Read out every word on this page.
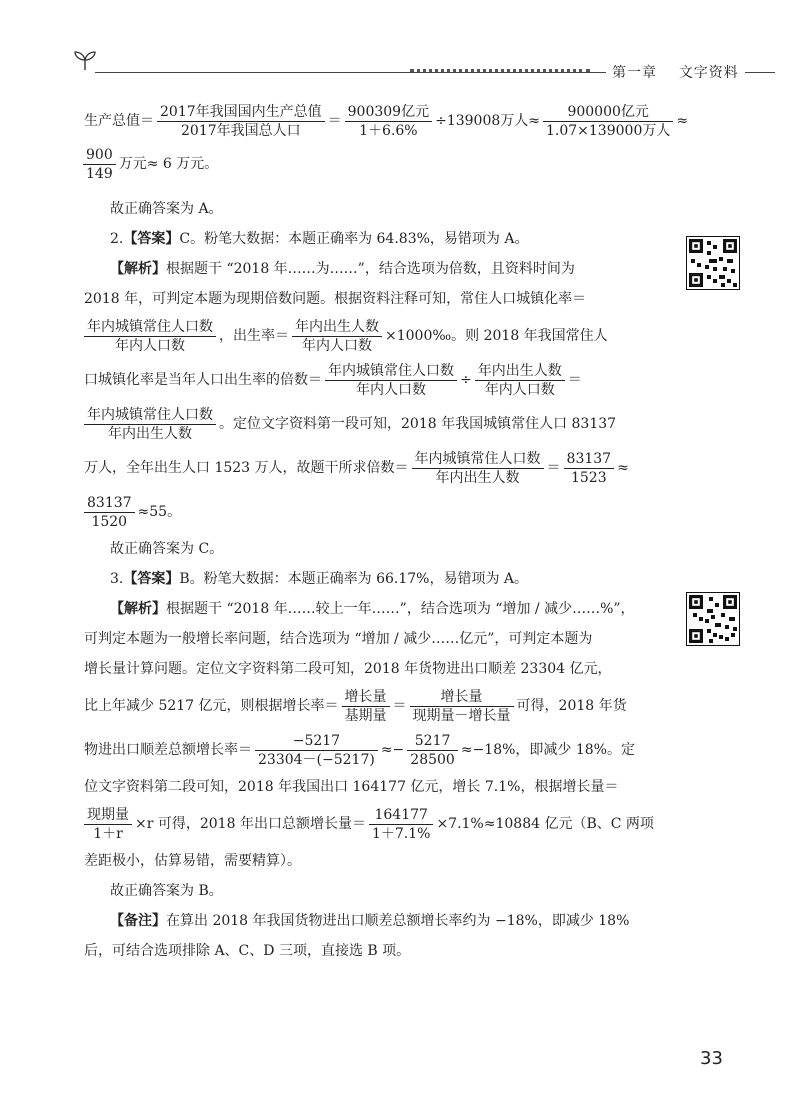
第一章 文字资料
生产总值＝ $\frac{\text{2017年我国国内生产总值}}{\text{2017年我国总人口}} = \frac{\text{900309亿元}}{1+6.6\%} \div 139008$万人≈ $\frac{\text{900000亿元}}{\text{1.07×139000万人}}$ ≈
$\frac{900}{149}$ 万元≈ 6 万元。

故正确答案为 A。

2.【答案】C。粉笔大数据：本题正确率为 64.83%，易错项为 A。

【解析】根据题干 “2018 年……为……”，结合选项为倍数，且资料时间为

2018 年，可判定本题为现期倍数问题。根据资料注释可知，常住人口城镇化率＝

$\frac{\text{年内城镇常住人口数}}{\text{年内人口数}}$ ，出生率＝ $\frac{\text{年内出生人数}}{\text{年内人口数}}$ ×1000‰。则 2018 年我国常住人
口城镇化率是当年人口出生率的倍数＝ $\frac{\text{年内城镇常住人口数}}{\text{年内人口数}} \div \frac{\text{年内出生人数}}{\text{年内人口数}}$ ＝
$\frac{\text{年内城镇常住人口数}}{\text{年内出生人数}}$ 。定位文字资料第一段可知，2018 年我国城镇常住人口 83137
万人，全年出生人口 1523 万人，故题干所求倍数＝ $\frac{\text{年内城镇常住人口数}}{\text{年内出生人数}} = \frac{83137}{1523}$ ≈
$\frac{83137}{1520} \approx 55$。

故正确答案为 C。

3.【答案】B。粉笔大数据：本题正确率为 66.17%，易错项为 A。

【解析】根据题干 “2018 年……较上一年……”，结合选项为 “增加 / 减少……%”，

可判定本题为一般增长率问题，结合选项为 “增加 / 减少……亿元”，可判定本题为

增长量计算问题。定位文字资料第二段可知，2018 年货物进出口顺差 23304 亿元，

比上年减少 5217 亿元，则根据增长率＝ $\frac{\text{增长量}}{\text{基期量}} = \frac{\text{增长量}}{\text{现期量－增长量}}$ 可得，2018 年货
物进出口顺差总额增长率＝ $\frac{-5217}{23304-(-5217)} \approx- \frac{5217}{28500} \approx-18\%$，即减少 18%。定

位文字资料第二段可知，2018 年我国出口 164177 亿元，增长 7.1%，根据增长量＝

$\frac{\text{现期量}}{1+r} \times r$ 可得，2018 年出口总额增长量＝ $\frac{164177}{1+7.1\%} \times 7.1\%\approx 10884$ 亿元（B、C 两项

差距极小，估算易错，需要精算）。

故正确答案为 B。

【备注】在算出 2018 年我国货物进出口顺差总额增长率约为 −18%，即减少 18%

后，可结合选项排除 A、C、D 三项，直接选 B 项。

33
